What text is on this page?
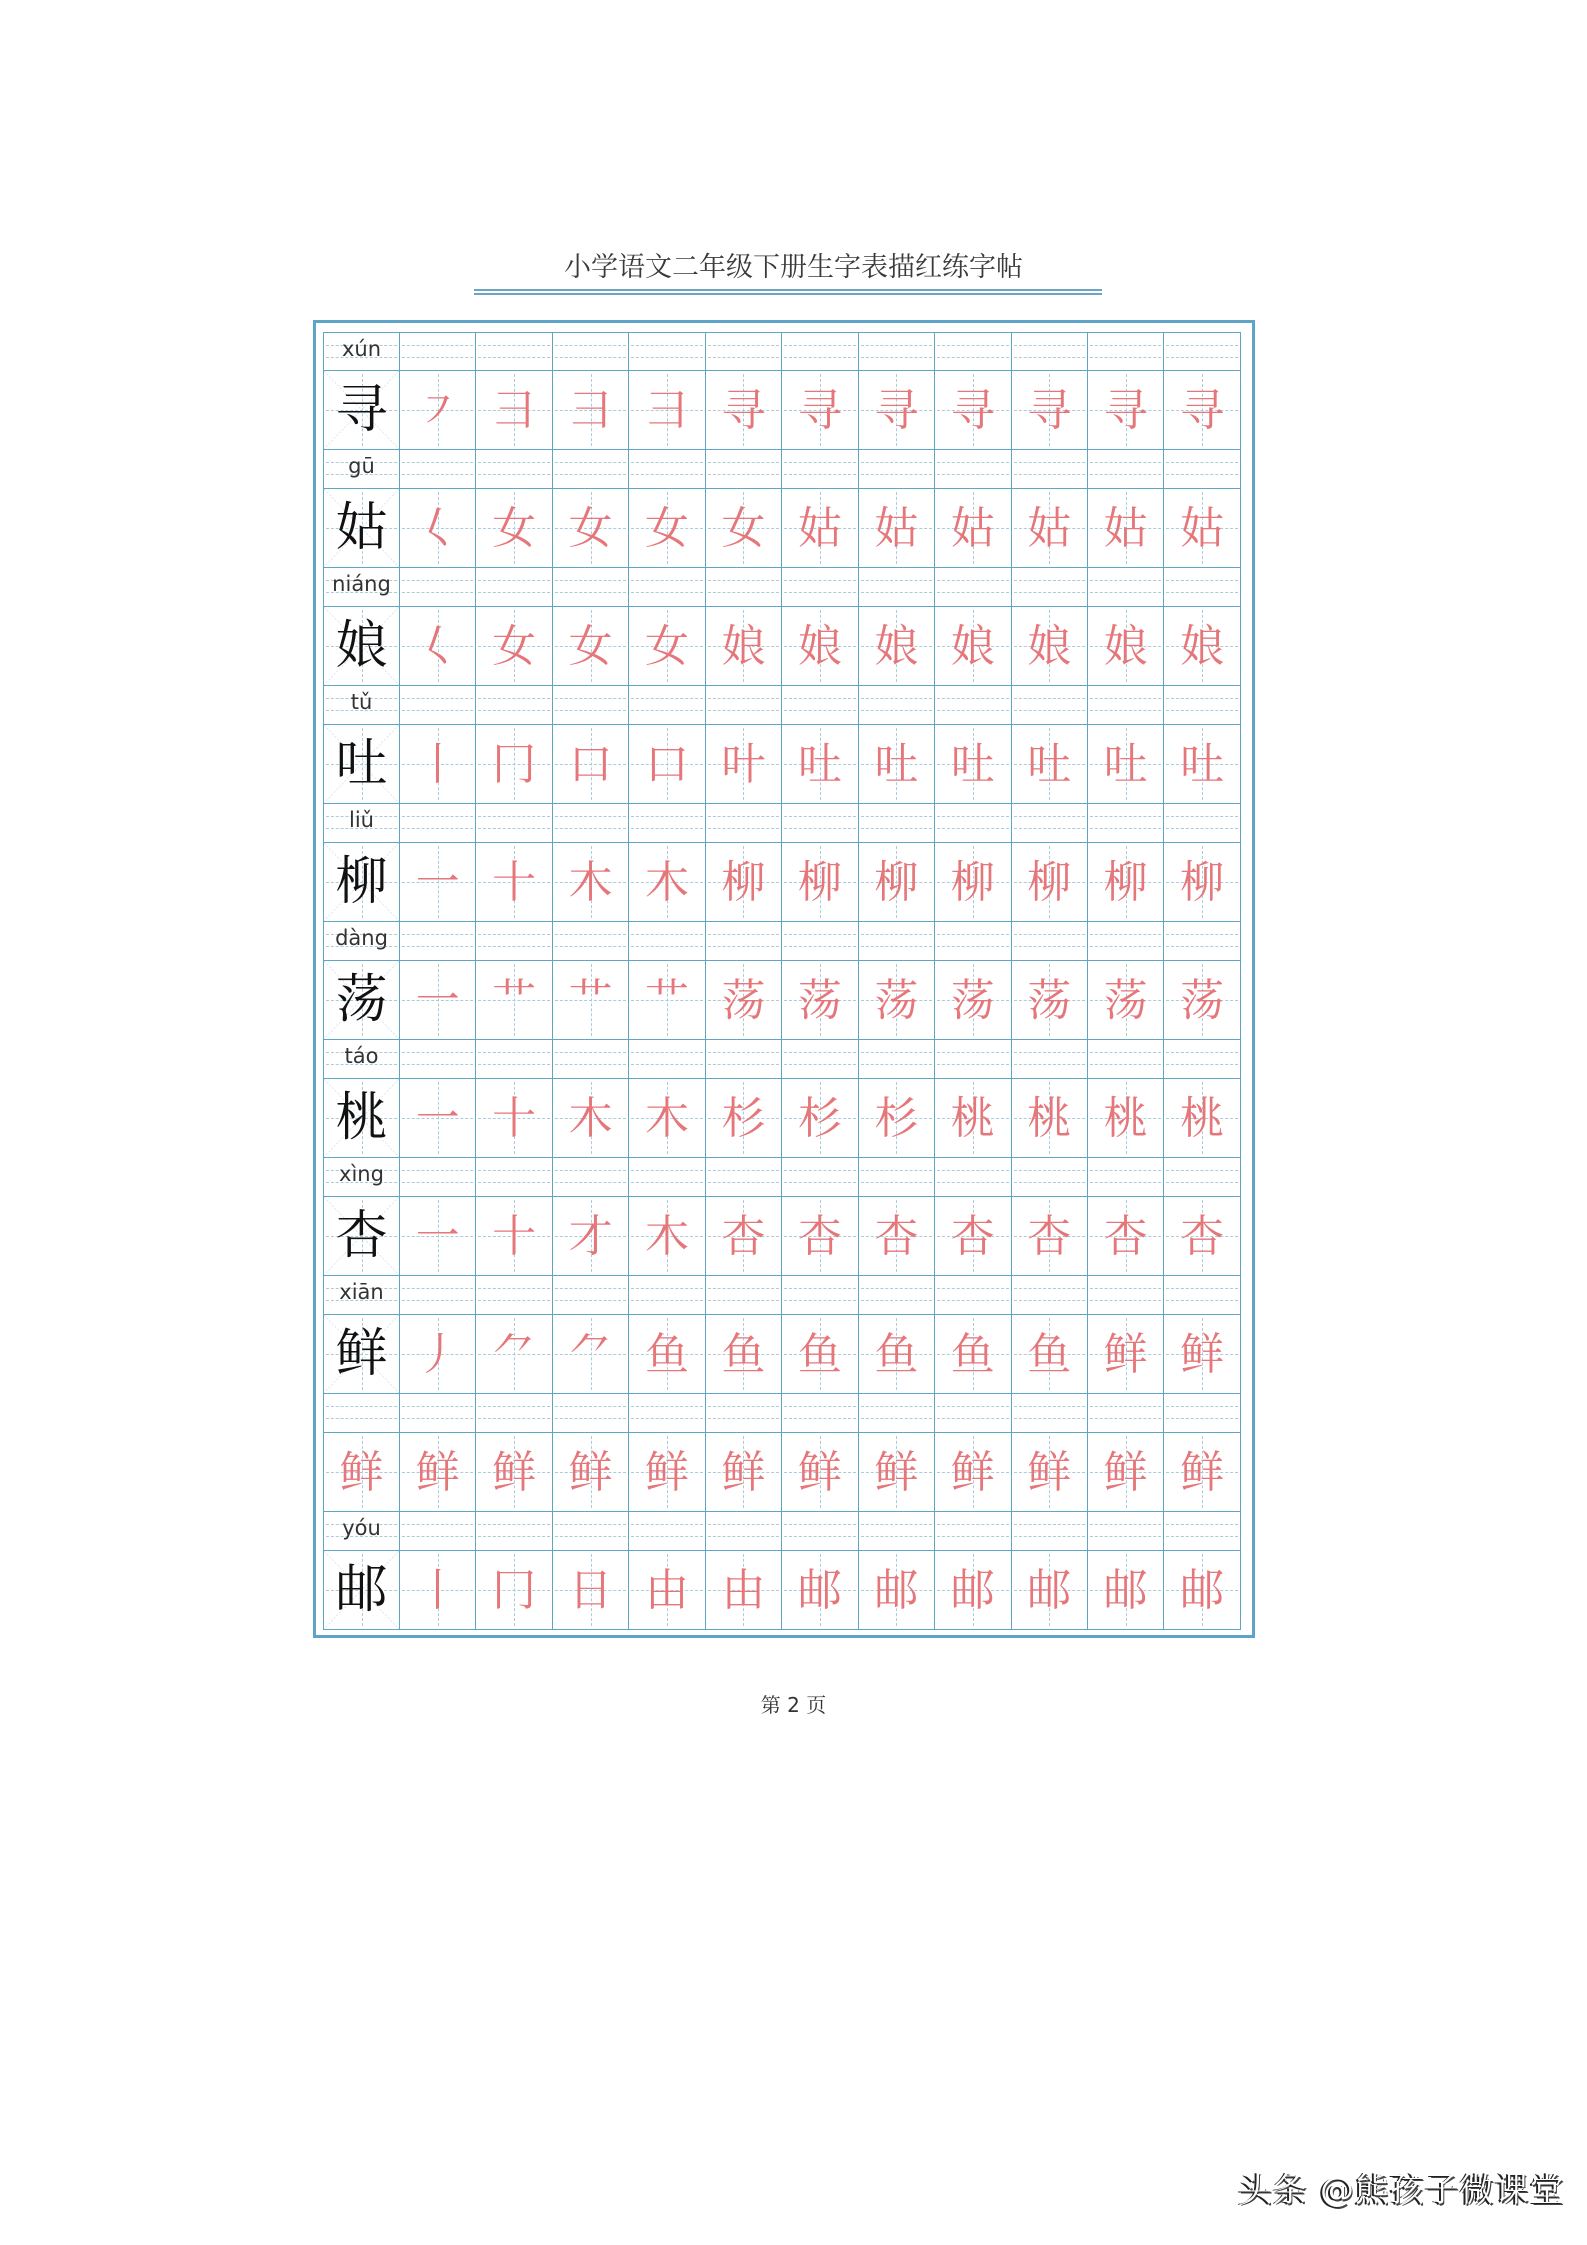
小学语文二年级下册生字表描红练字帖
xún
寻 ㇇ ⺕ 彐 彐 寻 寻 寻 寻 寻 寻 寻
gū
姑 𡿨 女 女 女 女 姑 姑 姑 姑 姑 姑
niáng
娘 𡿨 女 女 女 娘 娘 娘 娘 娘 娘 娘
tǔ
吐 丨 冂 口 口 叶 吐 吐 吐 吐 吐 吐
liǔ
柳 一 十 木 木 柳 柳 柳 柳 柳 柳 柳
dàng
荡 一 艹 艹 艹 荡 荡 荡 荡 荡 荡 荡
táo
桃 一 十 木 木 杉 杉 杉 桃 桃 桃 桃
xìng
杏 一 十 才 木 杏 杏 杏 杏 杏 杏 杏
xiān
鲜 丿 ⺈ ⺈ 鱼 鱼 鱼 鱼 鱼 鱼 鲜 鲜
鲜 鲜 鲜 鲜 鲜 鲜 鲜 鲜 鲜 鲜 鲜 鲜
yóu
邮 丨 冂 日 由 由 邮 邮 邮 邮 邮 邮
第 2 页
头条 @熊孩子微课堂
